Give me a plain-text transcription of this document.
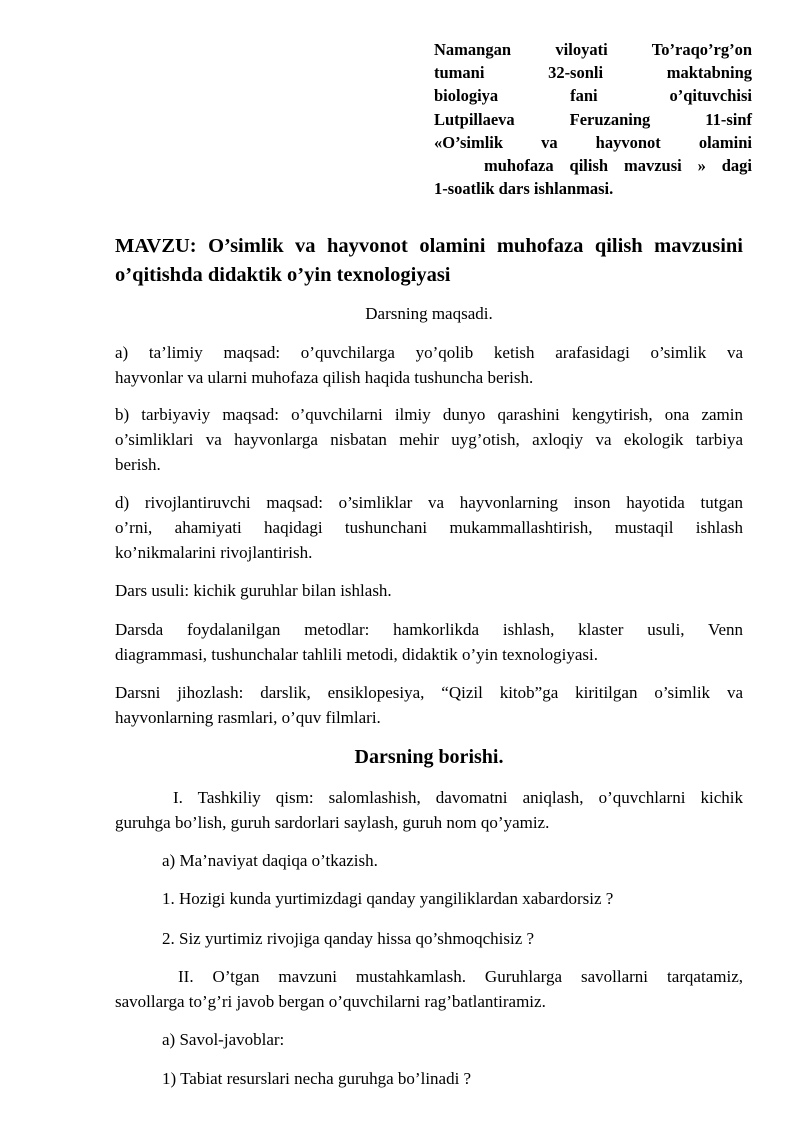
Namangan viloyati To’raqo’rg’on
tumani 32-sonli maktabning
biologiya fani o’qituvchisi
Lutpillaeva Feruzaning 11-sinf
«O’simlik va hayvonot olamini
muhofaza qilish mavzusi » dagi
1-soatlik dars ishlanmasi.
MAVZU: O’simlik va hayvonot olamini muhofaza qilish mavzusini
o’qitishda didaktik o’yin texnologiyasi
Darsning maqsadi.
a) ta’limiy maqsad: o’quvchilarga yo’qolib ketish arafasidagi o’simlik va
hayvonlar va ularni muhofaza qilish haqida tushuncha berish.
b) tarbiyaviy maqsad: o’quvchilarni ilmiy dunyo qarashini kengytirish, ona zamin
o’simliklari va hayvonlarga nisbatan mehir uyg’otish, axloqiy va ekologik tarbiya
berish.
d) rivojlantiruvchi maqsad: o’simliklar va hayvonlarning inson hayotida tutgan
o’rni, ahamiyati haqidagi tushunchani mukammallashtirish, mustaqil ishlash
ko’nikmalarini rivojlantirish.
Dars usuli: kichik guruhlar bilan ishlash.
Darsda foydalanilgan metodlar: hamkorlikda ishlash, klaster usuli, Venn
diagrammasi, tushunchalar tahlili metodi, didaktik o’yin texnologiyasi.
Darsni jihozlash: darslik, ensiklopesiya, “Qizil kitob”ga kiritilgan o’simlik va
hayvonlarning rasmlari, o’quv filmlari.
Darsning borishi.
I. Tashkiliy qism: salomlashish, davomatni aniqlash, o’quvchlarni kichik
guruhga bo’lish, guruh sardorlari saylash, guruh nom qo’yamiz.
a) Ma’naviyat daqiqa o’tkazish.
1. Hozigi kunda yurtimizdagi qanday yangiliklardan xabardorsiz ?
2. Siz yurtimiz rivojiga qanday hissa qo’shmoqchisiz ?
II. O’tgan mavzuni mustahkamlash. Guruhlarga savollarni tarqatamiz,
savollarga to’g’ri javob bergan o’quvchilarni rag’batlantiramiz.
a) Savol-javoblar:
1) Tabiat resurslari necha guruhga bo’linadi ?
